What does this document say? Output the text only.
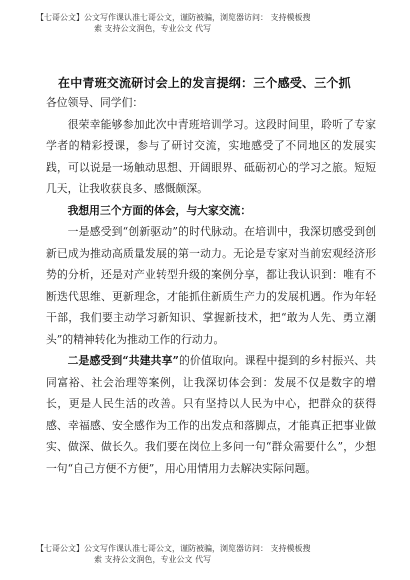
【七哥公文】公文写作课认准七哥公文，谨防被骗，浏览器访问： 支持模板搜
索 支持公文润色，专业公文 代写
在中青班交流研讨会上的发言提纲：三个感受、三个抓

各位领导、同学们：

很荣幸能够参加此次中青班培训学习。这段时间里，聆听了专家学者的精彩授课，参与了研讨交流，实地感受了不同地区的发展实践，可以说是一场触动思想、开阔眼界、砥砺初心的学习之旅。短短几天，让我收获良多、感慨颇深。

我想用三个方面的体会，与大家交流：

一是感受到“创新驱动”的时代脉动。在培训中，我深切感受到创新已成为推动高质量发展的第一动力。无论是专家对当前宏观经济形势的分析，还是对产业转型升级的案例分享，都让我认识到：唯有不断迭代思维、更新理念，才能抓住新质生产力的发展机遇。作为年轻干部，我们要主动学习新知识、掌握新技术，把“敢为人先、勇立潮头”的精神转化为推动工作的行动力。

二是感受到“共建共享”的价值取向。课程中提到的乡村振兴、共同富裕、社会治理等案例，让我深切体会到：发展不仅是数字的增长，更是人民生活的改善。只有坚持以人民为中心，把群众的获得感、幸福感、安全感作为工作的出发点和落脚点，才能真正把事业做实、做深、做长久。我们要在岗位上多问一句“群众需要什么”，少想一句“自己方便不方便”，用心用情用力去解决实际问题。

【七哥公文】公文写作课认准七哥公文，谨防被骗，浏览器访问： 支持模板搜
索 支持公文润色，专业公文 代写
